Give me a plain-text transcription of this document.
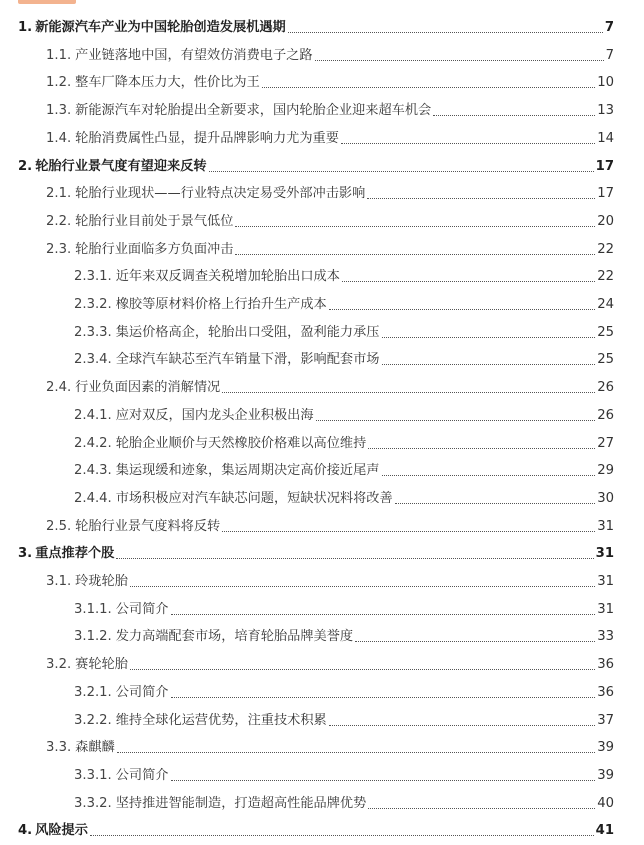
1. 新能源汽车产业为中国轮胎创造发展机遇期	7
1.1. 产业链落地中国，有望效仿消费电子之路	7
1.2. 整车厂降本压力大，性价比为王	10
1.3. 新能源汽车对轮胎提出全新要求，国内轮胎企业迎来超车机会	13
1.4. 轮胎消费属性凸显，提升品牌影响力尤为重要	14
2. 轮胎行业景气度有望迎来反转	17
2.1. 轮胎行业现状——行业特点决定易受外部冲击影响	17
2.2. 轮胎行业目前处于景气低位	20
2.3. 轮胎行业面临多方负面冲击	22
2.3.1. 近年来双反调查关税增加轮胎出口成本	22
2.3.2. 橡胶等原材料价格上行抬升生产成本	24
2.3.3. 集运价格高企，轮胎出口受阻，盈利能力承压	25
2.3.4. 全球汽车缺芯至汽车销量下滑，影响配套市场	25
2.4. 行业负面因素的消解情况	26
2.4.1. 应对双反，国内龙头企业积极出海	26
2.4.2. 轮胎企业顺价与天然橡胶价格难以高位维持	27
2.4.3. 集运现缓和迹象，集运周期决定高价接近尾声	29
2.4.4. 市场积极应对汽车缺芯问题，短缺状况料将改善	30
2.5. 轮胎行业景气度料将反转	31
3. 重点推荐个股	31
3.1. 玲珑轮胎	31
3.1.1. 公司简介	31
3.1.2. 发力高端配套市场，培育轮胎品牌美誉度	33
3.2. 赛轮轮胎	36
3.2.1. 公司简介	36
3.2.2. 维持全球化运营优势，注重技术积累	37
3.3. 森麒麟	39
3.3.1. 公司简介	39
3.3.2. 坚持推进智能制造，打造超高性能品牌优势	40
4. 风险提示	41
